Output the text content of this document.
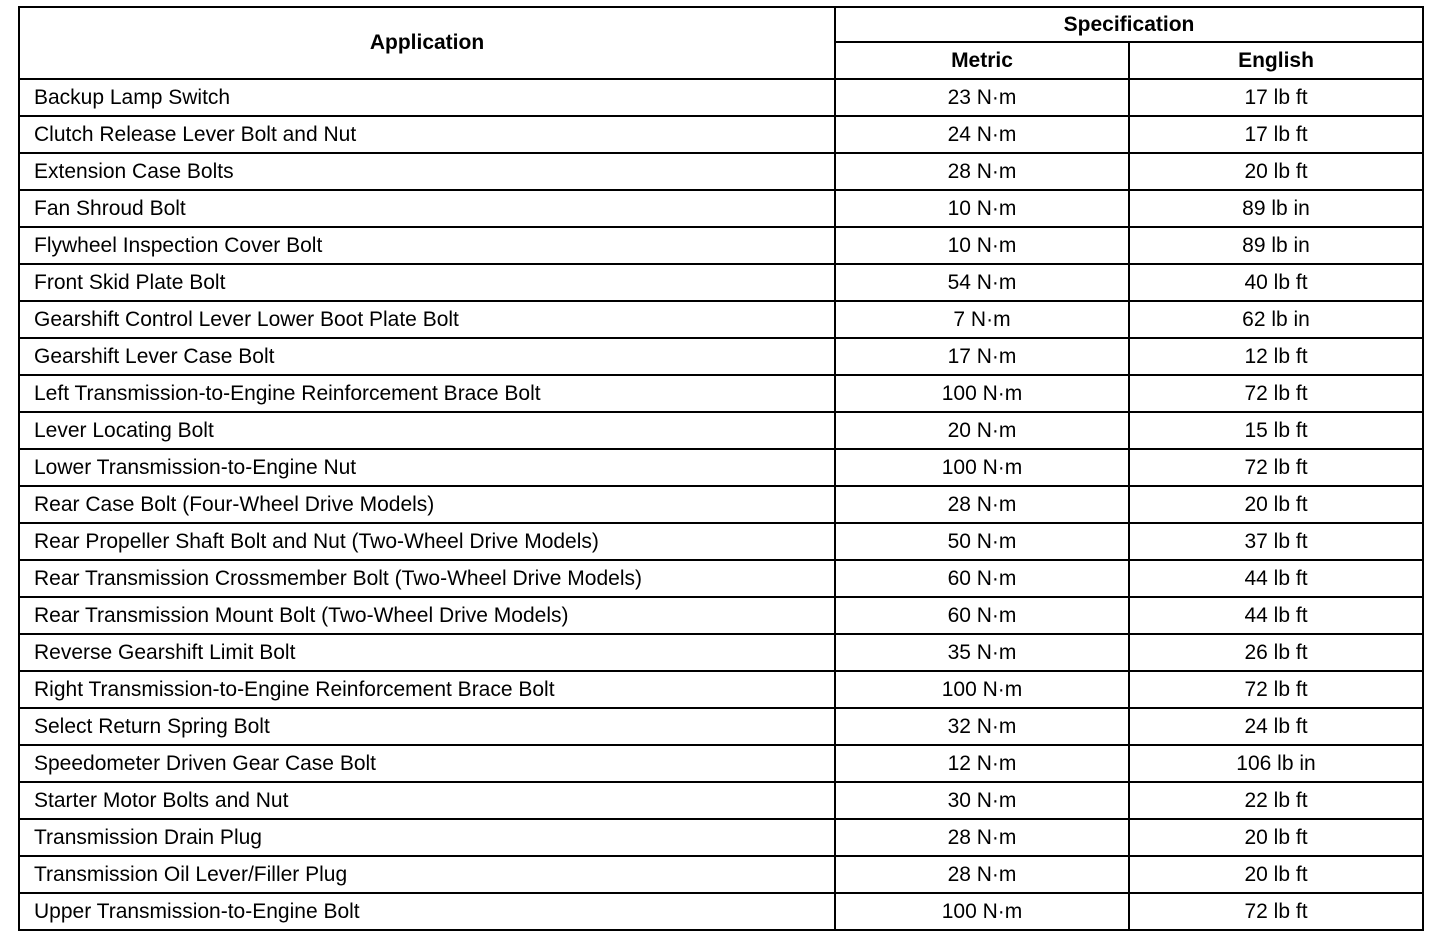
Application	Specification	
	Metric	English
Backup Lamp Switch	23 N·m	17 lb ft
Clutch Release Lever Bolt and Nut	24 N·m	17 lb ft
Extension Case Bolts	28 N·m	20 lb ft
Fan Shroud Bolt	10 N·m	89 lb in
Flywheel Inspection Cover Bolt	10 N·m	89 lb in
Front Skid Plate Bolt	54 N·m	40 lb ft
Gearshift Control Lever Lower Boot Plate Bolt	7 N·m	62 lb in
Gearshift Lever Case Bolt	17 N·m	12 lb ft
Left Transmission-to-Engine Reinforcement Brace Bolt	100 N·m	72 lb ft
Lever Locating Bolt	20 N·m	15 lb ft
Lower Transmission-to-Engine Nut	100 N·m	72 lb ft
Rear Case Bolt (Four-Wheel Drive Models)	28 N·m	20 lb ft
Rear Propeller Shaft Bolt and Nut (Two-Wheel Drive Models)	50 N·m	37 lb ft
Rear Transmission Crossmember Bolt (Two-Wheel Drive Models)	60 N·m	44 lb ft
Rear Transmission Mount Bolt (Two-Wheel Drive Models)	60 N·m	44 lb ft
Reverse Gearshift Limit Bolt	35 N·m	26 lb ft
Right Transmission-to-Engine Reinforcement Brace Bolt	100 N·m	72 lb ft
Select Return Spring Bolt	32 N·m	24 lb ft
Speedometer Driven Gear Case Bolt	12 N·m	106 lb in
Starter Motor Bolts and Nut	30 N·m	22 lb ft
Transmission Drain Plug	28 N·m	20 lb ft
Transmission Oil Lever/Filler Plug	28 N·m	20 lb ft
Upper Transmission-to-Engine Bolt	100 N·m	72 lb ft
